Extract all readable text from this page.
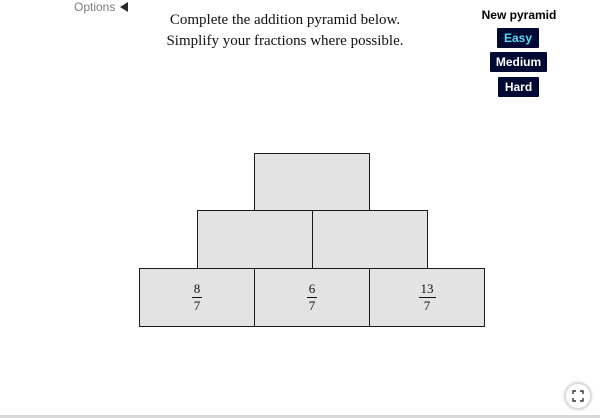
Options
Complete the addition pyramid below.
Simplify your fractions where possible.
New pyramid
Easy
Medium
Hard
$\frac{8}{7}$	$\frac{6}{7}$	$\frac{13}{7}$
